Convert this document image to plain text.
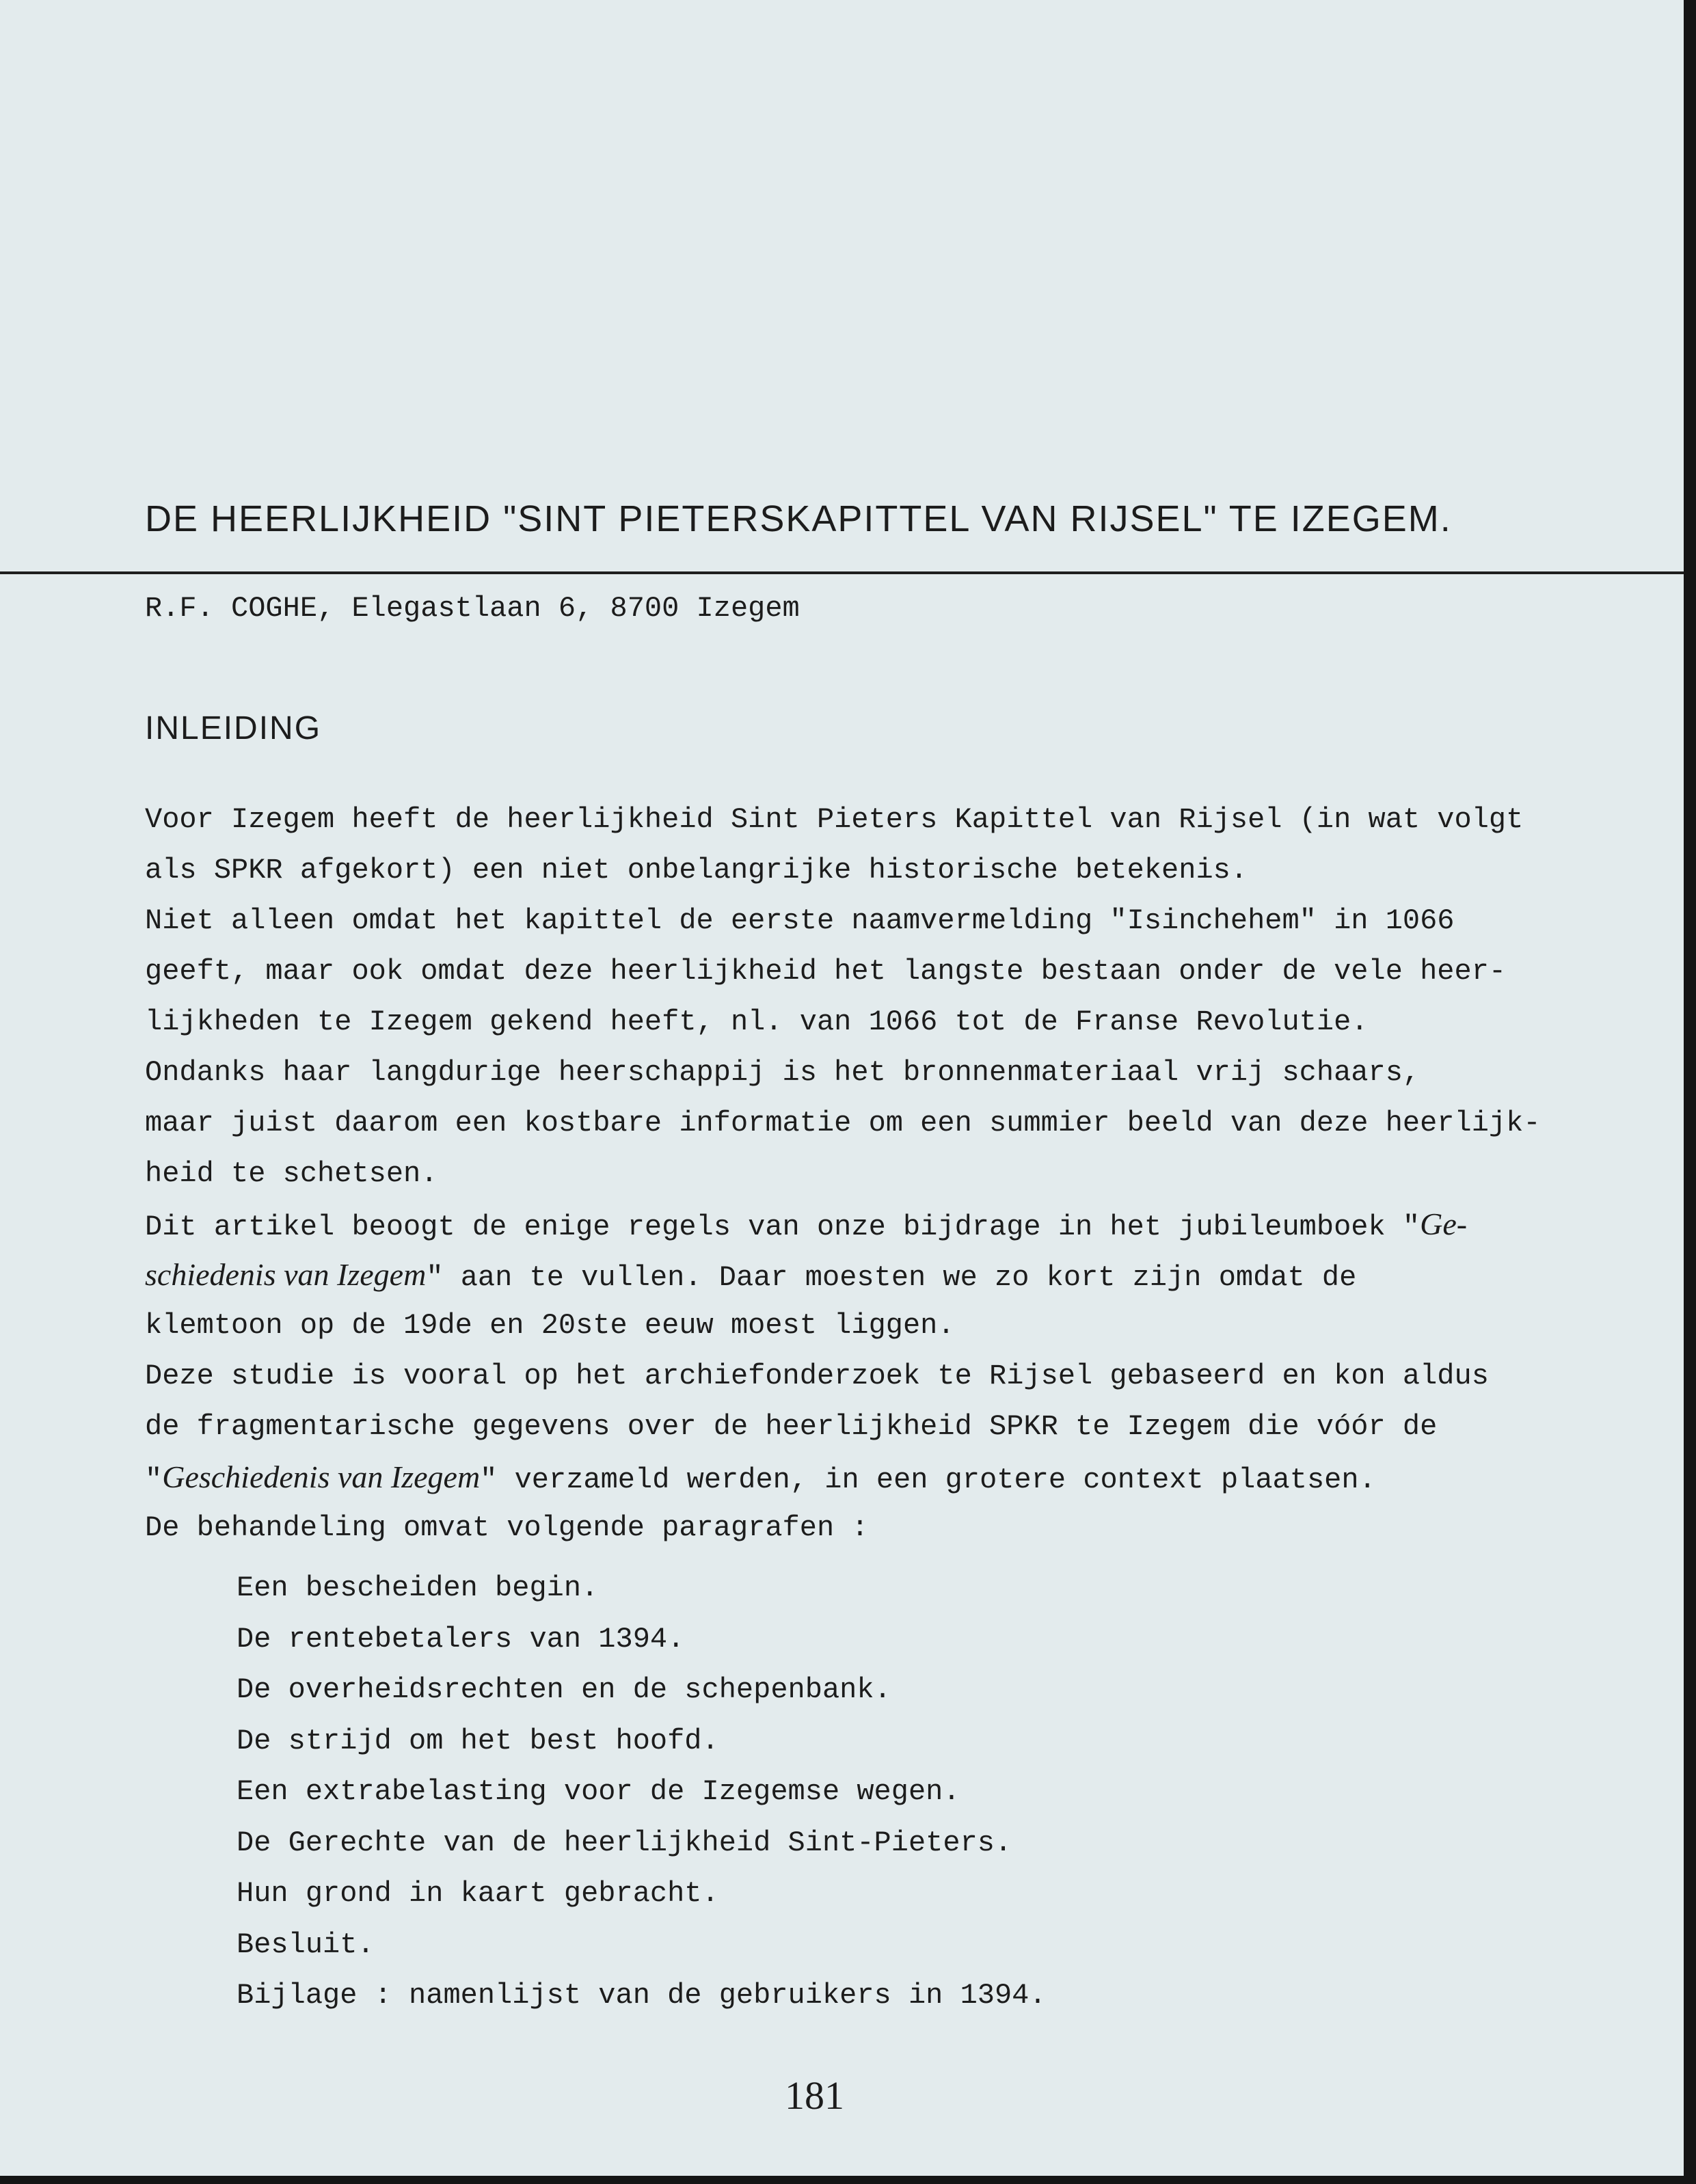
DE HEERLIJKHEID "SINT PIETERSKAPITTEL VAN RIJSEL" TE IZEGEM.
R.F. COGHE, Elegastlaan 6, 8700 Izegem
INLEIDING
Voor Izegem heeft de heerlijkheid Sint Pieters Kapittel van Rijsel (in wat volgt
als SPKR afgekort) een niet onbelangrijke historische betekenis.
Niet alleen omdat het kapittel de eerste naamvermelding "Isinchehem" in 1066
geeft, maar ook omdat deze heerlijkheid het langste bestaan onder de vele heer-
lijkheden te Izegem gekend heeft, nl. van 1066 tot de Franse Revolutie.
Ondanks haar langdurige heerschappij is het bronnenmateriaal vrij schaars,
maar juist daarom een kostbare informatie om een summier beeld van deze heerlijk-
heid te schetsen.
Dit artikel beoogt de enige regels van onze bijdrage in het jubileumboek "Ge-
schiedenis van Izegem" aan te vullen. Daar moesten we zo kort zijn omdat de
klemtoon op de 19de en 20ste eeuw moest liggen.
Deze studie is vooral op het archiefonderzoek te Rijsel gebaseerd en kon aldus
de fragmentarische gegevens over de heerlijkheid SPKR te Izegem die vóór de
"Geschiedenis van Izegem" verzameld werden, in een grotere context plaatsen.
De behandeling omvat volgende paragrafen :
Een bescheiden begin.
De rentebetalers van 1394.
De overheidsrechten en de schepenbank.
De strijd om het best hoofd.
Een extrabelasting voor de Izegemse wegen.
De Gerechte van de heerlijkheid Sint-Pieters.
Hun grond in kaart gebracht.
Besluit.
Bijlage : namenlijst van de gebruikers in 1394.
181
